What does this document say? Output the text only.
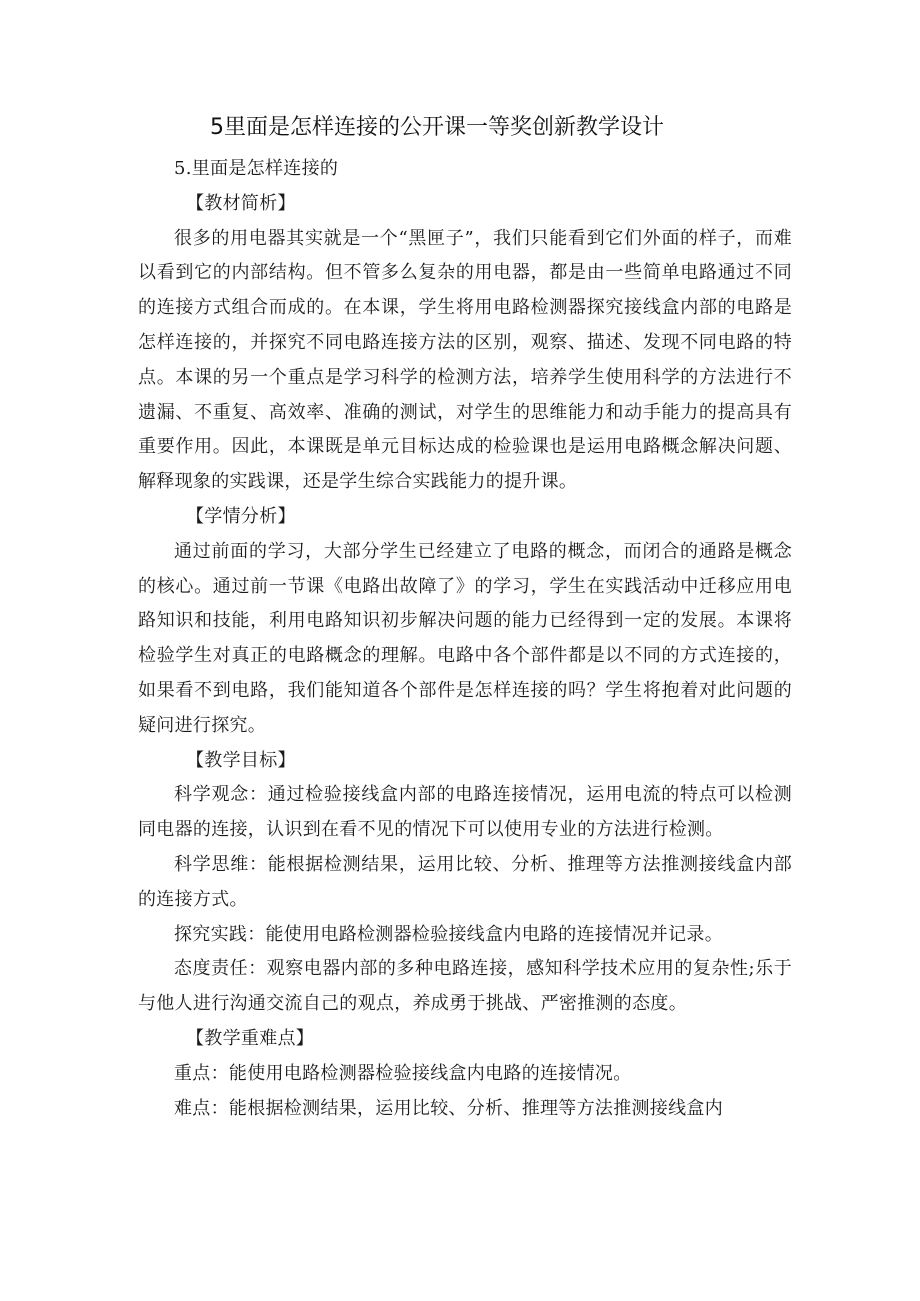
5里面是怎样连接的公开课一等奖创新教学设计

5.里面是怎样连接的

【教材简析】

很多的用电器其实就是一个“黑匣子”，我们只能看到它们外面的样子，而难以看到它的内部结构。但不管多么复杂的用电器，都是由一些简单电路通过不同的连接方式组合而成的。在本课，学生将用电路检测器探究接线盒内部的电路是怎样连接的，并探究不同电路连接方法的区别，观察、描述、发现不同电路的特点。本课的另一个重点是学习科学的检测方法，培养学生使用科学的方法进行不遗漏、不重复、高效率、准确的测试，对学生的思维能力和动手能力的提高具有重要作用。因此，本课既是单元目标达成的检验课也是运用电路概念解决问题、解释现象的实践课，还是学生综合实践能力的提升课。

【学情分析】

通过前面的学习，大部分学生已经建立了电路的概念，而闭合的通路是概念的核心。通过前一节课《电路出故障了》的学习，学生在实践活动中迁移应用电路知识和技能，利用电路知识初步解决问题的能力已经得到一定的发展。本课将检验学生对真正的电路概念的理解。电路中各个部件都是以不同的方式连接的，如果看不到电路，我们能知道各个部件是怎样连接的吗？学生将抱着对此问题的疑问进行探究。

【教学目标】

科学观念：通过检验接线盒内部的电路连接情况，运用电流的特点可以检测同电器的连接，认识到在看不见的情况下可以使用专业的方法进行检测。

科学思维：能根据检测结果，运用比较、分析、推理等方法推测接线盒内部的连接方式。

探究实践：能使用电路检测器检验接线盒内电路的连接情况并记录。

态度责任：观察电器内部的多种电路连接，感知科学技术应用的复杂性;乐于与他人进行沟通交流自己的观点，养成勇于挑战、严密推测的态度。

【教学重难点】

重点：能使用电路检测器检验接线盒内电路的连接情况。

难点：能根据检测结果，运用比较、分析、推理等方法推测接线盒内
